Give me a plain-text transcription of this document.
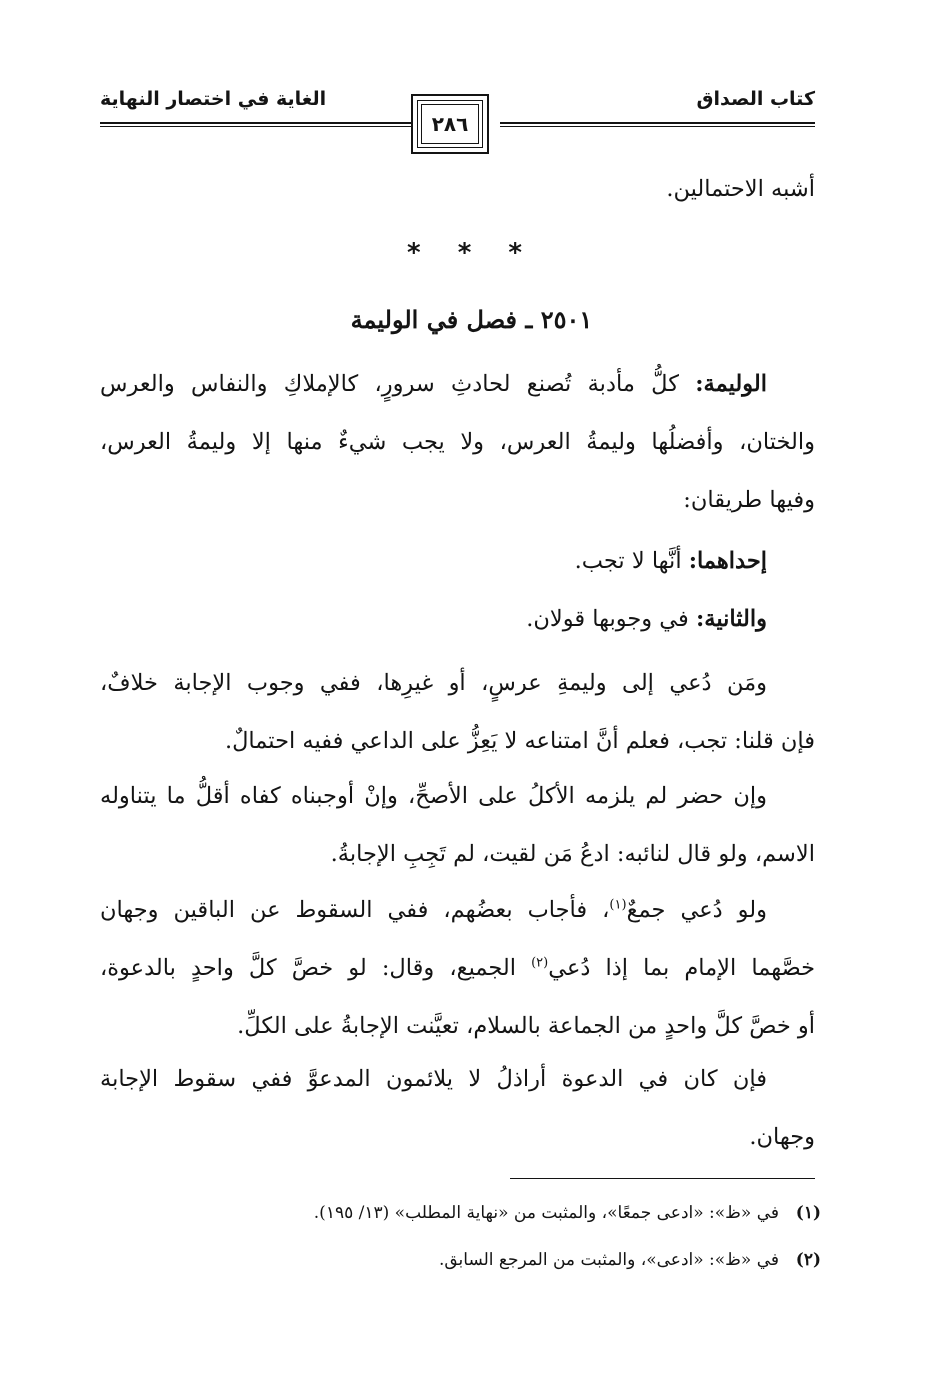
كتاب الصداق
الغاية في اختصار النهاية
٢٨٦
أشبه الاحتمالين.
* * *
٢٥٠١ ـ فصل في الوليمة
الوليمة: كلُّ مأدبة تُصنع لحادثِ سرورٍ، كالإملاكِ والنفاس والعرس
والختان، وأفضلُها وليمةُ العرس، ولا يجب شيءٌ منها إلا وليمةُ العرس،
وفيها طريقان:
إحداهما: أنَّها لا تجب.
والثانية: في وجوبها قولان.
ومَن دُعي إلى وليمةِ عرسٍ، أو غيرِها، ففي وجوب الإجابة خلافٌ،
فإن قلنا: تجب، فعلم أنَّ امتناعه لا يَعِزُّ على الداعي ففيه احتمالٌ.
وإن حضر لم يلزمه الأكلُ على الأصحِّ، وإنْ أوجبناه كفاه أقلُّ ما يتناوله
الاسم، ولو قال لنائبه: ادعُ مَن لقيت، لم تَجِبِ الإجابةُ.
ولو دُعي جمعٌ$^{(١)}$، فأجاب بعضُهم، ففي السقوط عن الباقين وجهان
خصَّهما الإمام بما إذا دُعي$^{(٢)}$ الجميع، وقال: لو خصَّ كلَّ واحدٍ بالدعوة،
أو خصَّ كلَّ واحدٍ من الجماعة بالسلام، تعيَّنت الإجابةُ على الكلِّ.
فإن كان في الدعوة أراذلُ لا يلائمون المدعوَّ ففي سقوط الإجابة
وجهان.
(١)في «ظ»: «ادعى جمعًا»، والمثبت من «نهاية المطلب» (١٣/ ١٩٥).
(٢)في «ظ»: «ادعى»، والمثبت من المرجع السابق.
